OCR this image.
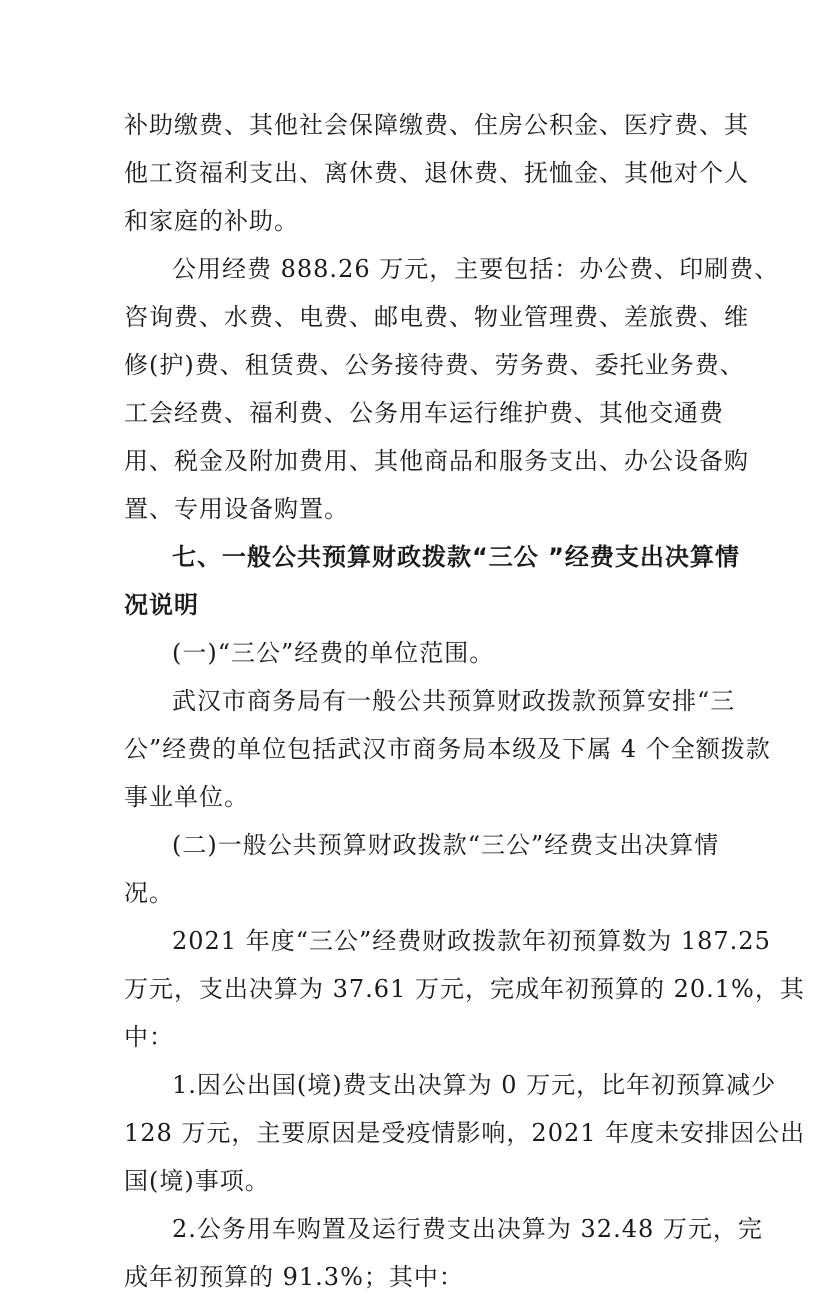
补助缴费、其他社会保障缴费、住房公积金、医疗费、其
他工资福利支出、离休费、退休费、抚恤金、其他对个人
和家庭的补助。
公用经费 888.26 万元，主要包括：办公费、印刷费、
咨询费、水费、电费、邮电费、物业管理费、差旅费、维
修(护)费、租赁费、公务接待费、劳务费、委托业务费、
工会经费、福利费、公务用车运行维护费、其他交通费
用、税金及附加费用、其他商品和服务支出、办公设备购
置、专用设备购置。
七、一般公共预算财政拨款“三公 ”经费支出决算情
况说明
(一)“三公”经费的单位范围。
武汉市商务局有一般公共预算财政拨款预算安排“三
公”经费的单位包括武汉市商务局本级及下属 4 个全额拨款
事业单位。
(二)一般公共预算财政拨款“三公”经费支出决算情
况。
2021 年度“三公”经费财政拨款年初预算数为 187.25
万元，支出决算为 37.61 万元，完成年初预算的 20.1%，其
中：
1.因公出国(境)费支出决算为 0 万元，比年初预算减少
128 万元，主要原因是受疫情影响，2021 年度未安排因公出
国(境)事项。
2.公务用车购置及运行费支出决算为 32.48 万元，完
成年初预算的 91.3%；其中：
